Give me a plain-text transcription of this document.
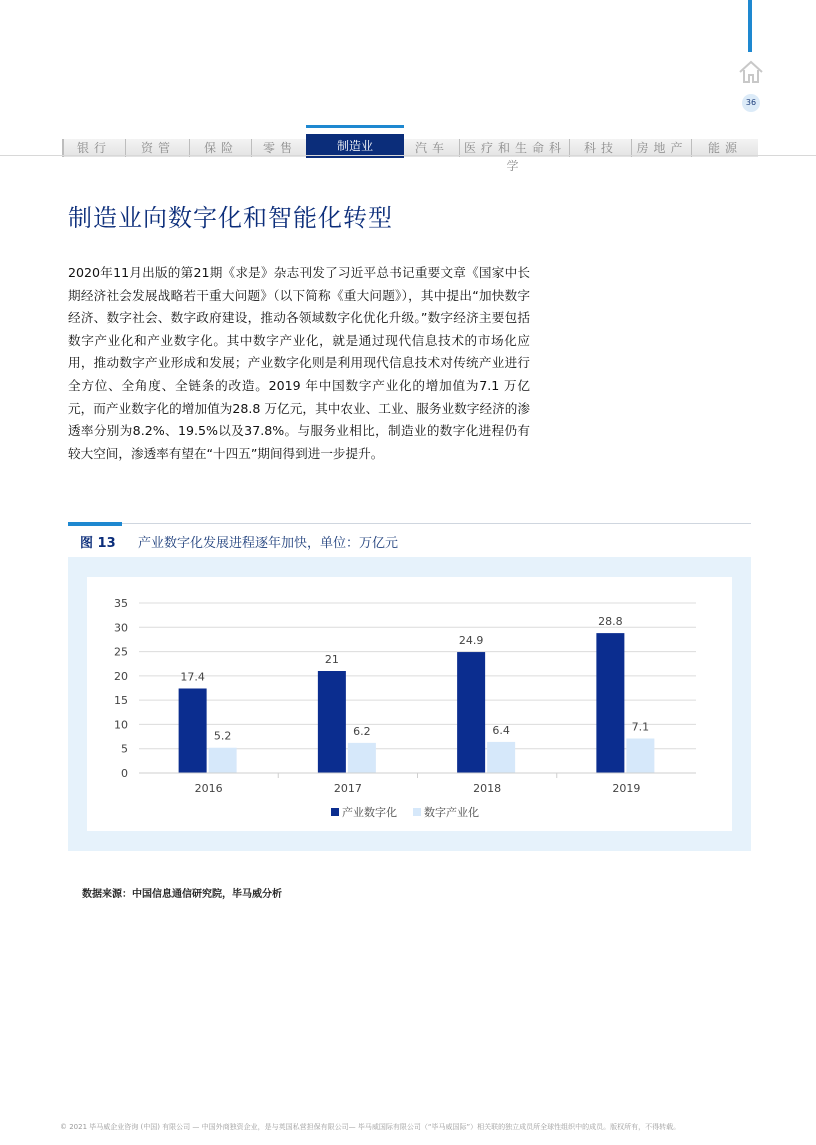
36
银行	资管	保险	零售	制造业	汽车	医疗和生命科学
科技	房地产	能源
制造业向数字化和智能化转型
2020年11月出版的第21期《求是》杂志刊发了习近平总书记重要文章《国家中长期经济社会发展战略若干重大问题》（以下简称《重大问题》），其中提出“加快数字经济、数字社会、数字政府建设，推动各领域数字化优化升级。”数字经济主要包括数字产业化和产业数字化。其中数字产业化，就是通过现代信息技术的市场化应用，推动数字产业形成和发展；产业数字化则是利用现代信息技术对传统产业进行全方位、全角度、全链条的改造。2019 年中国数字产业化的增加值为7.1 万亿元，而产业数字化的增加值为28.8 万亿元，其中农业、工业、服务业数字经济的渗透率分别为8.2%、19.5%以及37.8%。与服务业相比，制造业的数字化进程仍有较大空间，渗透率有望在“十四五”期间得到进一步提升。
图 13 产业数字化发展进程逐年加快，单位：万亿元
0
5
10
15
20
25
30
35
17.4
5.2
2016
21
6.2
2017
24.9
6.4
2018
28.8
7.1
2019
产业数字化 数字产业化
数据来源：中国信息通信研究院，毕马威分析
© 2021 毕马威企业咨询 (中国) 有限公司 — 中国外商独资企业，是与英国私营担保有限公司— 毕马威国际有限公司（“毕马威国际”）相关联的独立成员所全球性组织中的成员。版权所有，不得转载。
